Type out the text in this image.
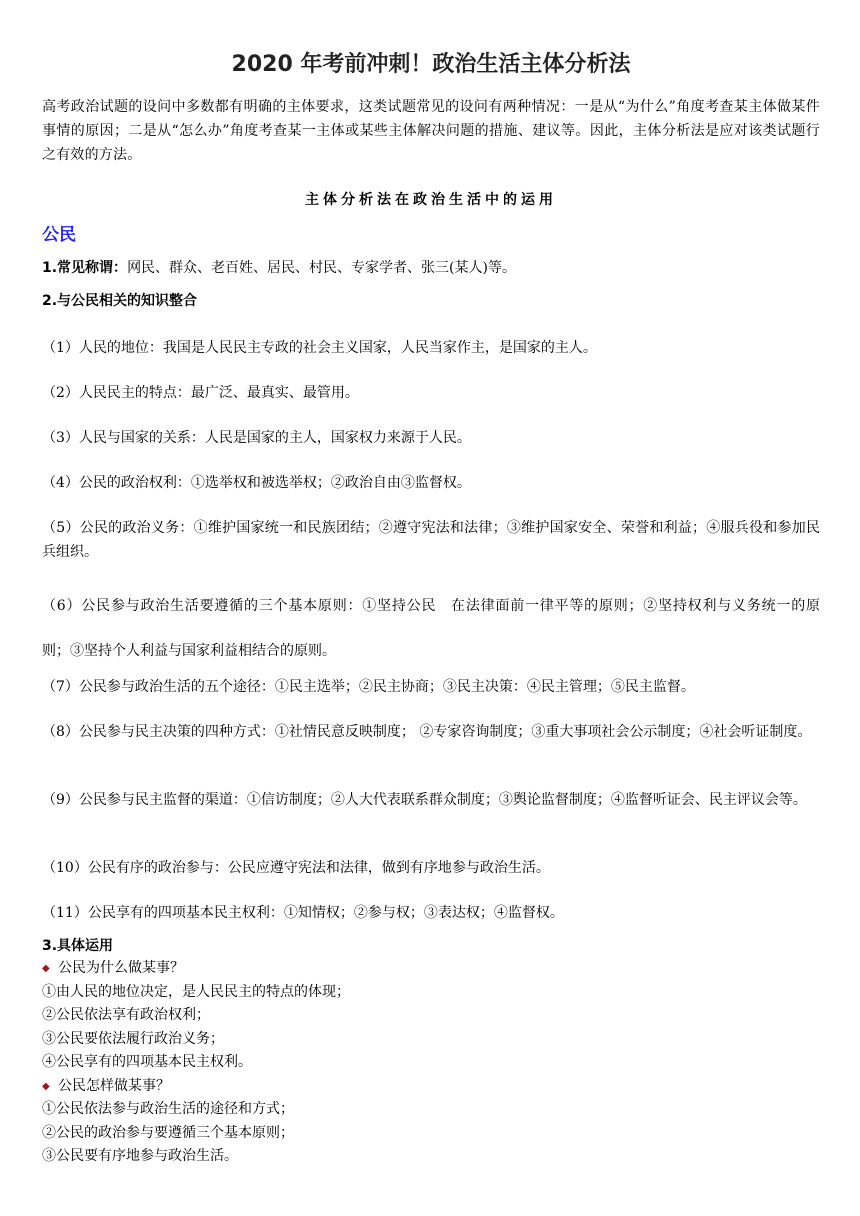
2020 年考前冲刺！政治生活主体分析法
高考政治试题的设问中多数都有明确的主体要求，这类试题常见的设问有两种情况：一是从“为什么”角度考查某主体做某件事情的原因；二是从“怎么办”角度考查某一主体或某些主体解决问题的措施、建议等。因此，主体分析法是应对该类试题行之有效的方法。
主体分析法在政治生活中的运用
公民
1.常见称谓：网民、群众、老百姓、居民、村民、专家学者、张三(某人)等。
2.与公民相关的知识整合
（1）人民的地位：我国是人民民主专政的社会主义国家，人民当家作主，是国家的主人。
（2）人民民主的特点：最广泛、最真实、最管用。
（3）人民与国家的关系：人民是国家的主人，国家权力来源于人民。
（4）公民的政治权利：①选举权和被选举权；②政治自由③监督权。
（5）公民的政治义务：①维护国家统一和民族团结；②遵守宪法和法律；③维护国家安全、荣誉和利益；④服兵役和参加民兵组织。
（6）公民参与政治生活要遵循的三个基本原则：①坚持公民　在法律面前一律平等的原则；②坚持权利与义务统一的原　则；③坚持个人利益与国家利益相结合的原则。
（7）公民参与政治生活的五个途径：①民主选举；②民主协商；③民主决策：④民主管理；⑤民主监督。
（8）公民参与民主决策的四种方式：①社情民意反映制度； ②专家咨询制度；③重大事项社会公示制度；④社会听证制度。
（9）公民参与民主监督的渠道：①信访制度；②人大代表联系群众制度；③舆论监督制度；④监督听证会、民主评议会等。
（10）公民有序的政治参与：公民应遵守宪法和法律，做到有序地参与政治生活。
（11）公民享有的四项基本民主权利：①知情权；②参与权；③表达权；④监督权。
3.具体运用
◆ 公民为什么做某事？
①由人民的地位决定，是人民民主的特点的体现；
②公民依法享有政治权利；
③公民要依法履行政治义务；
④公民享有的四项基本民主权利。
◆ 公民怎样做某事？
①公民依法参与政治生活的途径和方式；
②公民的政治参与要遵循三个基本原则；
③公民要有序地参与政治生活。
